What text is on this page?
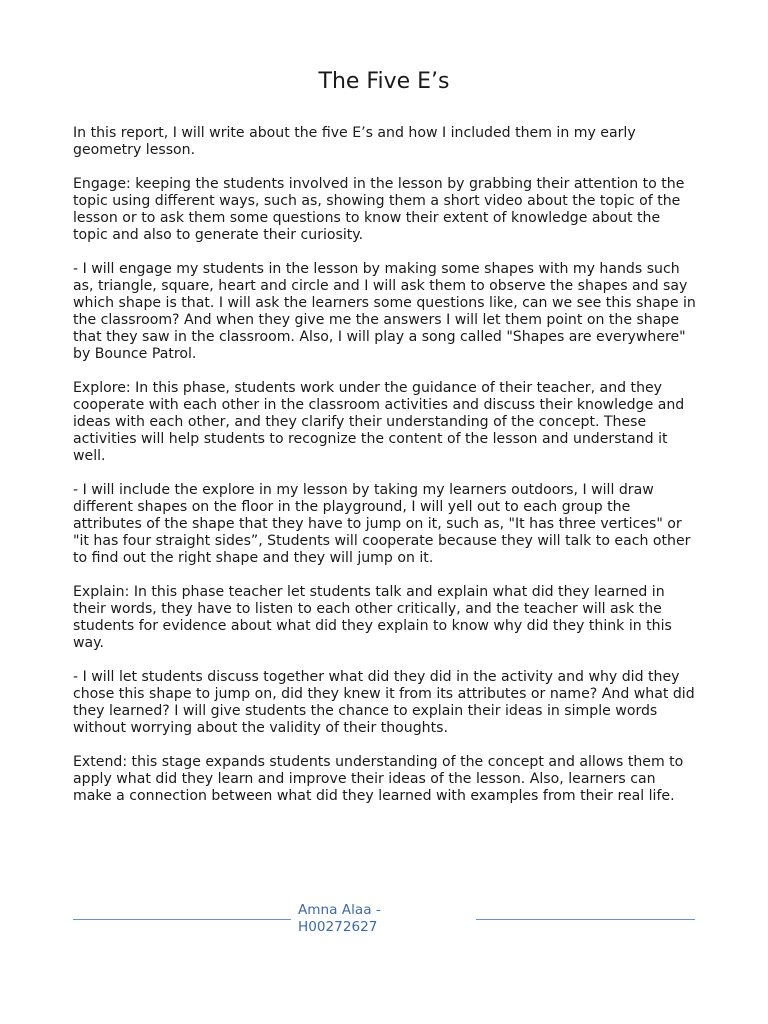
The Five E’s

In this report, I will write about the five E’s and how I included them in my early geometry lesson.

Engage: keeping the students involved in the lesson by grabbing their attention to the topic using different ways, such as, showing them a short video about the topic of the lesson or to ask them some questions to know their extent of knowledge about the topic and also to generate their curiosity.

- I will engage my students in the lesson by making some shapes with my hands such as, triangle, square, heart and circle and I will ask them to observe the shapes and say which shape is that. I will ask the learners some questions like, can we see this shape in the classroom? And when they give me the answers I will let them point on the shape that they saw in the classroom. Also, I will play a song called "Shapes are everywhere" by Bounce Patrol.

Explore: In this phase, students work under the guidance of their teacher, and they cooperate with each other in the classroom activities and discuss their knowledge and ideas with each other, and they clarify their understanding of the concept. These activities will help students to recognize the content of the lesson and understand it well.

- I will include the explore in my lesson by taking my learners outdoors, I will draw different shapes on the floor in the playground, I will yell out to each group the attributes of the shape that they have to jump on it, such as, "It has three vertices" or "it has four straight sides”, Students will cooperate because they will talk to each other to find out the right shape and they will jump on it.

Explain: In this phase teacher let students talk and explain what did they learned in their words, they have to listen to each other critically, and the teacher will ask the students for evidence about what did they explain to know why did they think in this way.

- I will let students discuss together what did they did in the activity and why did they chose this shape to jump on, did they knew it from its attributes or name? And what did they learned? I will give students the chance to explain their ideas in simple words without worrying about the validity of their thoughts.

Extend: this stage expands students understanding of the concept and allows them to apply what did they learn and improve their ideas of the lesson. Also, learners can make a connection between what did they learned with examples from their real life.

Amna Alaa - H00272627
